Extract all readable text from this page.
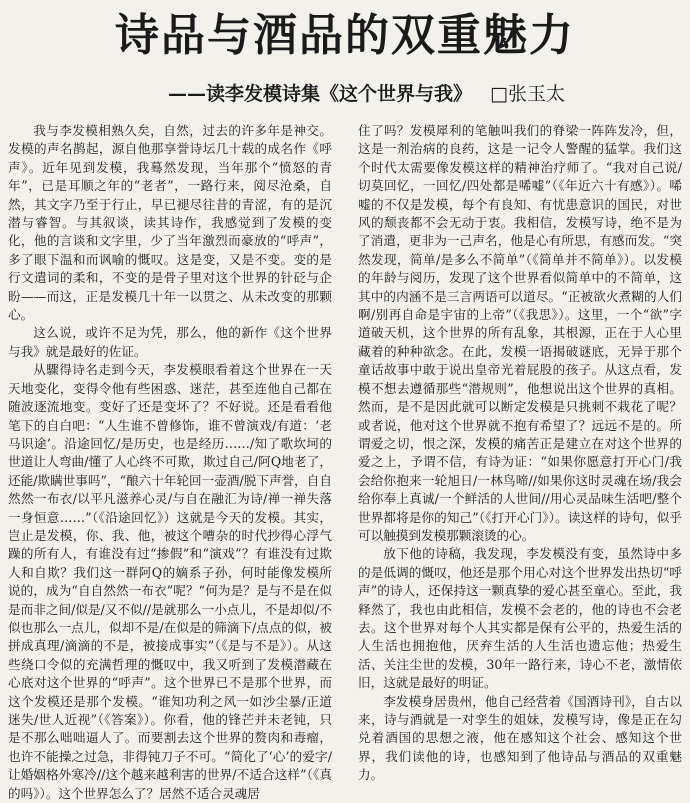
诗品与酒品的双重魅力
——读李发模诗集《这个世界与我》 □张玉太

我与李发模相熟久矣，自然，过去的许多年是神交。发模的声名鹊起，源自他那享誉诗坛几十载的成名作《呼声》。近年见到发模，我蓦然发现，当年那个“愤怒的青年”，已是耳顺之年的“老者”，一路行来，阅尽沧桑，自然，其文字乃至于行止，早已褪尽往昔的青涩，有的是沉潜与睿智。与其叙谈，读其诗作，我感觉到了发模的变化，他的言谈和文字里，少了当年激烈而豪放的“呼声”，多了眼下温和而讽喻的慨叹。这是变，又是不变。变的是行文遣词的柔和，不变的是骨子里对这个世界的针砭与企盼——而这，正是发模几十年一以贯之、从未改变的那颗心。

这么说，或许不足为凭，那么，他的新作《这个世界与我》就是最好的佐证。

从驟得诗名走到今天，李发模眼看着这个世界在一天天地变化，变得令他有些困惑、迷茫，甚至连他自己都在随波逐流地变。变好了还是变坏了？不好说。还是看看他笔下的自白吧：“人生谁不曾修饰，谁不曾演戏/有道：‘老马识途’。沿途回忆/是历史，也是经历……/知了歌坎坷的世道让人弯曲/懂了人心终不可欺，欺过自己/阿Q地老了，还能/欺瞒世事吗”，“酿六十年轮回一壶酒/脱下声誉，自自然然一布衣/以平凡滋养心灵/与自在融汇为诗/禅一禅失落一身恒意……”（《沿途回忆》）这就是今天的发模。其实，岂止是发模，你、我、他，被这个嘈杂的时代抄得心浮气躁的所有人，有谁没有过“掺假”和“演戏”？有谁没有过欺人和自欺？我们这一群阿Q的嫡系子孙，何时能像发模所说的，成为“自自然然一布衣”呢？“何为是？是与不是在似是而非之间/似是/又不似//是就那么一小点儿，不是却似/不似也那么一点儿，似却不是/在似是的筛滴下/点点的似，被拼成真理/滴滴的不是，被接成事实”（《是与不是》）。从这些绕口令似的充满哲理的慨叹中，我又听到了发模潜藏在心底对这个世界的“呼声”。这个世界已不是那个世界，而这个发模还是那个发模。“谁知功利之风一如沙尘暴/正道迷失/世人近视”（《答案》）。你看，他的锋芒并未老钝，只是不那么咄咄逼人了。而要割去这个世界的赘肉和毒瘤，也许不能操之过急，非得钝刀子不可。“简化了‘心’的爱字/让婚姻格外寒冷//这个越来越利害的世界/不适合这样”（《真的吗》）。这个世界怎么了？居然不适合灵魂居

住了吗？发模犀利的笔触叫我们的脊梁一阵阵发冷，但，这是一剂治病的良药，这是一记令人警醒的猛掌。我们这个时代太需要像发模这样的精神治疗师了。“我对自己说/切莫回忆，一回忆/四处都是唏嘘”（《年近六十有感》）。唏嘘的不仅是发模，每个有良知、有忧患意识的国民，对世风的颓丧都不会无动于衷。我相信，发模写诗，绝不是为了消遣，更非为一己声名，他是心有所思，有感而发。“突然发现，简单/是多么不简单”（《简单并不简单》）。以发模的年龄与阅历，发现了这个世界看似简单中的不简单，这其中的内涵不是三言两语可以道尽。“正被欲火煮糊的人们啊/别再自命是宇宙的上帝”（《我思》）。这里，一个“欲”字道破天机，这个世界的所有乱象，其根源，正在于人心里藏着的种种欲念。在此，发模一语揭破谜底，无异于那个童话故事中敢于说出皇帝光着屁股的孩子。从这点看，发模不想去遵循那些“潜规则”，他想说出这个世界的真相。然而，是不是因此就可以断定发模是只挑刺不栽花了呢？或者说，他对这个世界就不抱有希望了？远远不是的。所谓爱之切，恨之深，发模的痛苦正是建立在对这个世界的爱之上，予谓不信，有诗为证：“如果你愿意打开心门/我会给你抱来一轮旭日/一林鸟啼//如果你这时灵魂在场/我会给你奉上真诚/一个鲜活的人世间//用心灵品味生活吧/整个世界都将是你的知己”（《打开心门》）。读这样的诗句，似乎可以触摸到发模那颗滚烫的心。

放下他的诗稿，我发现，李发模没有变，虽然诗中多的是低调的慨叹，他还是那个用心对这个世界发出热切“呼声”的诗人，还保持这一颗真挚的爱心甚至童心。至此，我释然了，我也由此相信，发模不会老的，他的诗也不会老去。这个世界对每个人其实都是保有公平的，热爱生活的人生活也拥抱他，厌弃生活的人生活也遗忘他；热爱生活、关注尘世的发模，30年一路行来，诗心不老，激情依旧，这就是最好的明证。

李发模身居贵州，他自己经营着《国酒诗刊》，自古以来，诗与酒就是一对孪生的姐妹，发模写诗，像是正在勾兑着酒国的思想之液，他在感知这个社会、感知这个世界，我们读他的诗，也感知到了他诗品与酒品的双重魅力。
